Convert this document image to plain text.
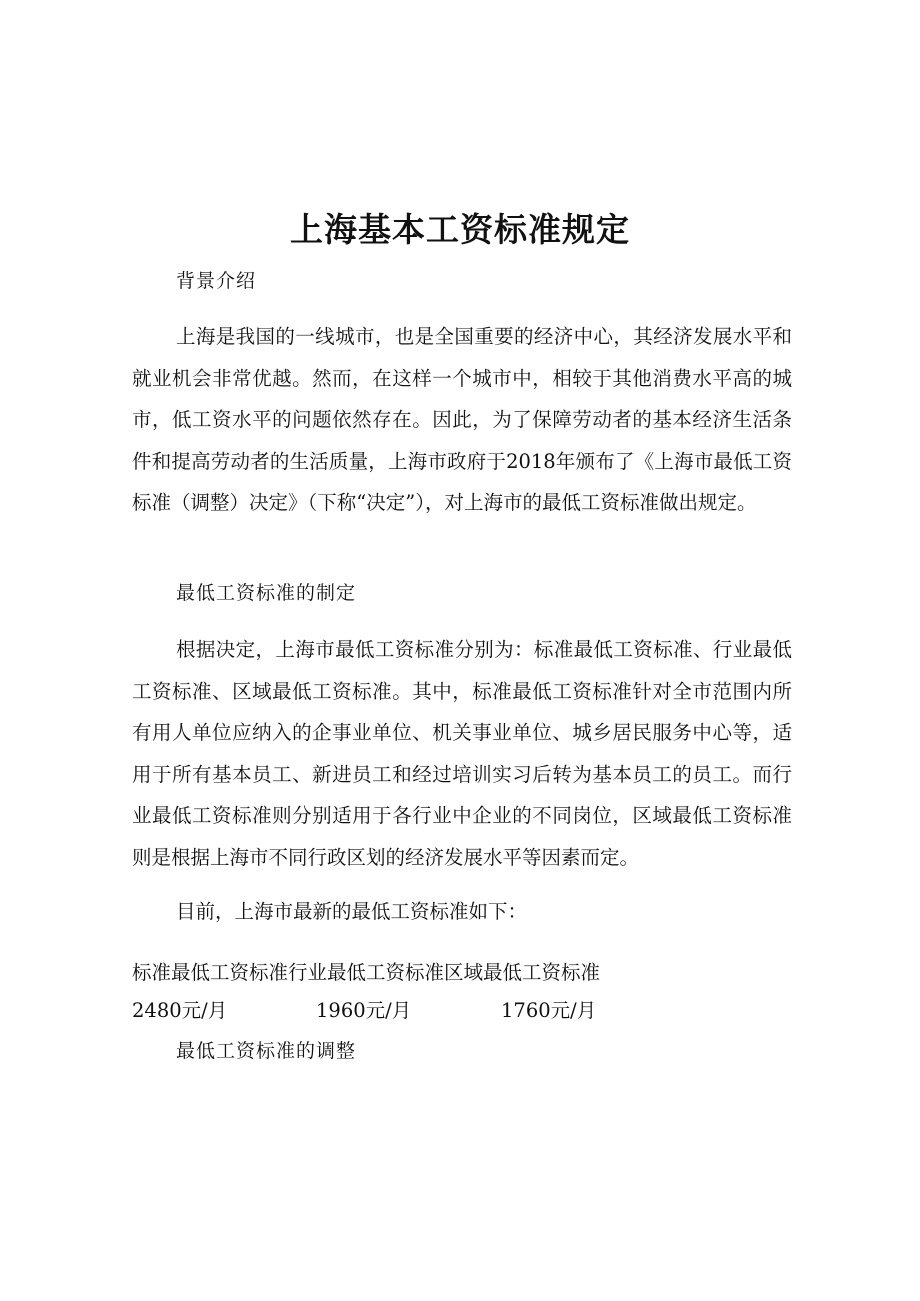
上海基本工资标准规定
背景介绍

上海是我国的一线城市，也是全国重要的经济中心，其经济发展水平和就业机会非常优越。然而，在这样一个城市中，相较于其他消费水平高的城市，低工资水平的问题依然存在。因此，为了保障劳动者的基本经济生活条件和提高劳动者的生活质量，上海市政府于2018年颁布了《上海市最低工资标准（调整）决定》（下称“决定”），对上海市的最低工资标准做出规定。

最低工资标准的制定

根据决定，上海市最低工资标准分别为：标准最低工资标准、行业最低工资标准、区域最低工资标准。其中，标准最低工资标准针对全市范围内所有用人单位应纳入的企事业单位、机关事业单位、城乡居民服务中心等，适用于所有基本员工、新进员工和经过培训实习后转为基本员工的员工。而行业最低工资标准则分别适用于各行业中企业的不同岗位，区域最低工资标准则是根据上海市不同行政区划的经济发展水平等因素而定。

目前，上海市最新的最低工资标准如下：

标准最低工资标准行业最低工资标准区域最低工资标准
2480元/月	1960元/月	1760元/月
最低工资标准的调整
